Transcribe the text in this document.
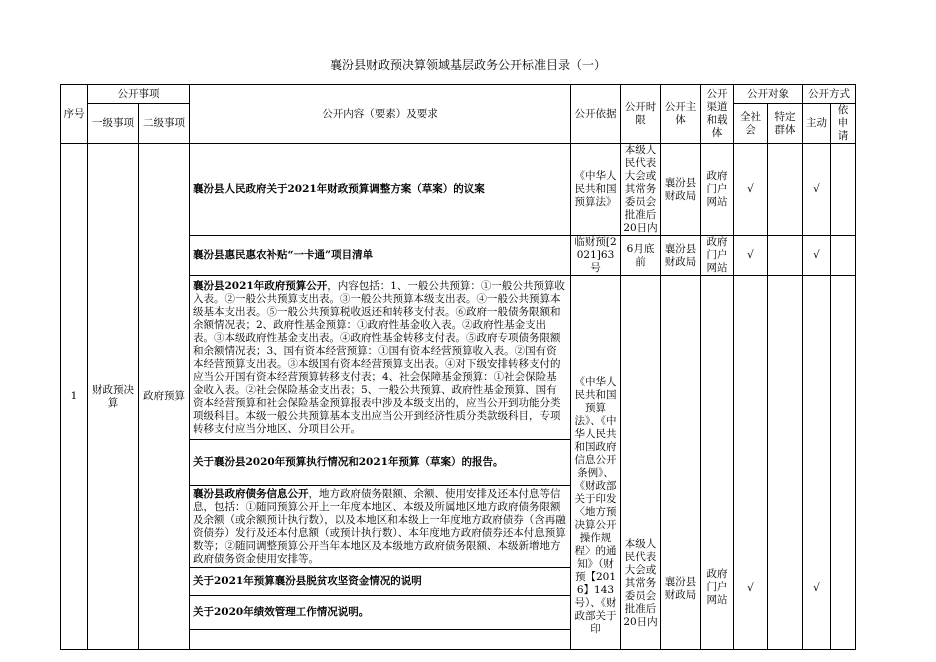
襄汾县财政预决算领域基层政务公开标准目录（一）
序号	公开事项		公开内容（要素）及要求	公开依据	公开时限	公开主体	公开渠道和载体	公开对象		公开方式	
	一级事项	二级事项						全社会	特定群体	主动	依申请
1	财政预决算	政府预算	襄汾县人民政府关于2021年财政预算调整方案（草案）的议案	《中华人民共和国预算法》	本级人民代表大会或其常务委员会批准后20日内	襄汾县财政局	政府门户网站	√		√	
			襄汾县惠民惠农补贴“一卡通”项目清单	临财预[2021]63号	6月底前	襄汾县财政局	政府门户网站	√		√	
			襄汾县2021年政府预算公开，内容包括：1、一般公共预算：①一般公共预算收入表。②一般公共预算支出表。③一般公共预算本级支出表。④一般公共预算本级基本支出表。⑤一般公共预算税收返还和转移支付表。⑥政府一般债务限额和余额情况表；2、政府性基金预算：①政府性基金收入表。②政府性基金支出表。③本级政府性基金支出表。④政府性基金转移支付表。⑤政府专项债务限额和余额情况表；3、国有资本经营预算：①国有资本经营预算收入表。②国有资本经营预算支出表。③本级国有资本经营预算支出表。④对下级安排转移支付的应当公开国有资本经营预算转移支付表；4、社会保障基金预算：①社会保险基金收入表。②社会保险基金支出表；5、一般公共预算、政府性基金预算、国有资本经营预算和社会保险基金预算报表中涉及本级支出的，应当公开到功能分类项级科目。本级一般公共预算基本支出应当公开到经济性质分类款级科目，专项转移支付应当分地区、分项目公开。	《中华人民共和国预算法》、《中华人民共和国政府信息公开条例》、《财政部关于印发〈地方预决算公开操作规程〉的通知》（财预【2016】143号）、《财政部关于印	本级人民代表大会或其常务委员会批准后20日内	襄汾县财政局	政府门户网站	√		√	
			关于襄汾县2020年预算执行情况和2021年预算（草案）的报告。								
			襄汾县政府债务信息公开，地方政府债务限额、余额、使用安排及还本付息等信息，包括：①随同预算公开上一年度本地区、本级及所属地区地方政府债务限额及余额（或余额预计执行数），以及本地区和本级上一年度地方政府债券（含再融资债券）发行及还本付息额（或预计执行数）、本年度地方政府债券还本付息预算数等；②随同调整预算公开当年本地区及本级地方政府债务限额、本级新增地方政府债务资金使用安排等。								
			关于2021年预算襄汾县脱贫攻坚资金情况的说明								
			关于2020年绩效管理工作情况说明。								
